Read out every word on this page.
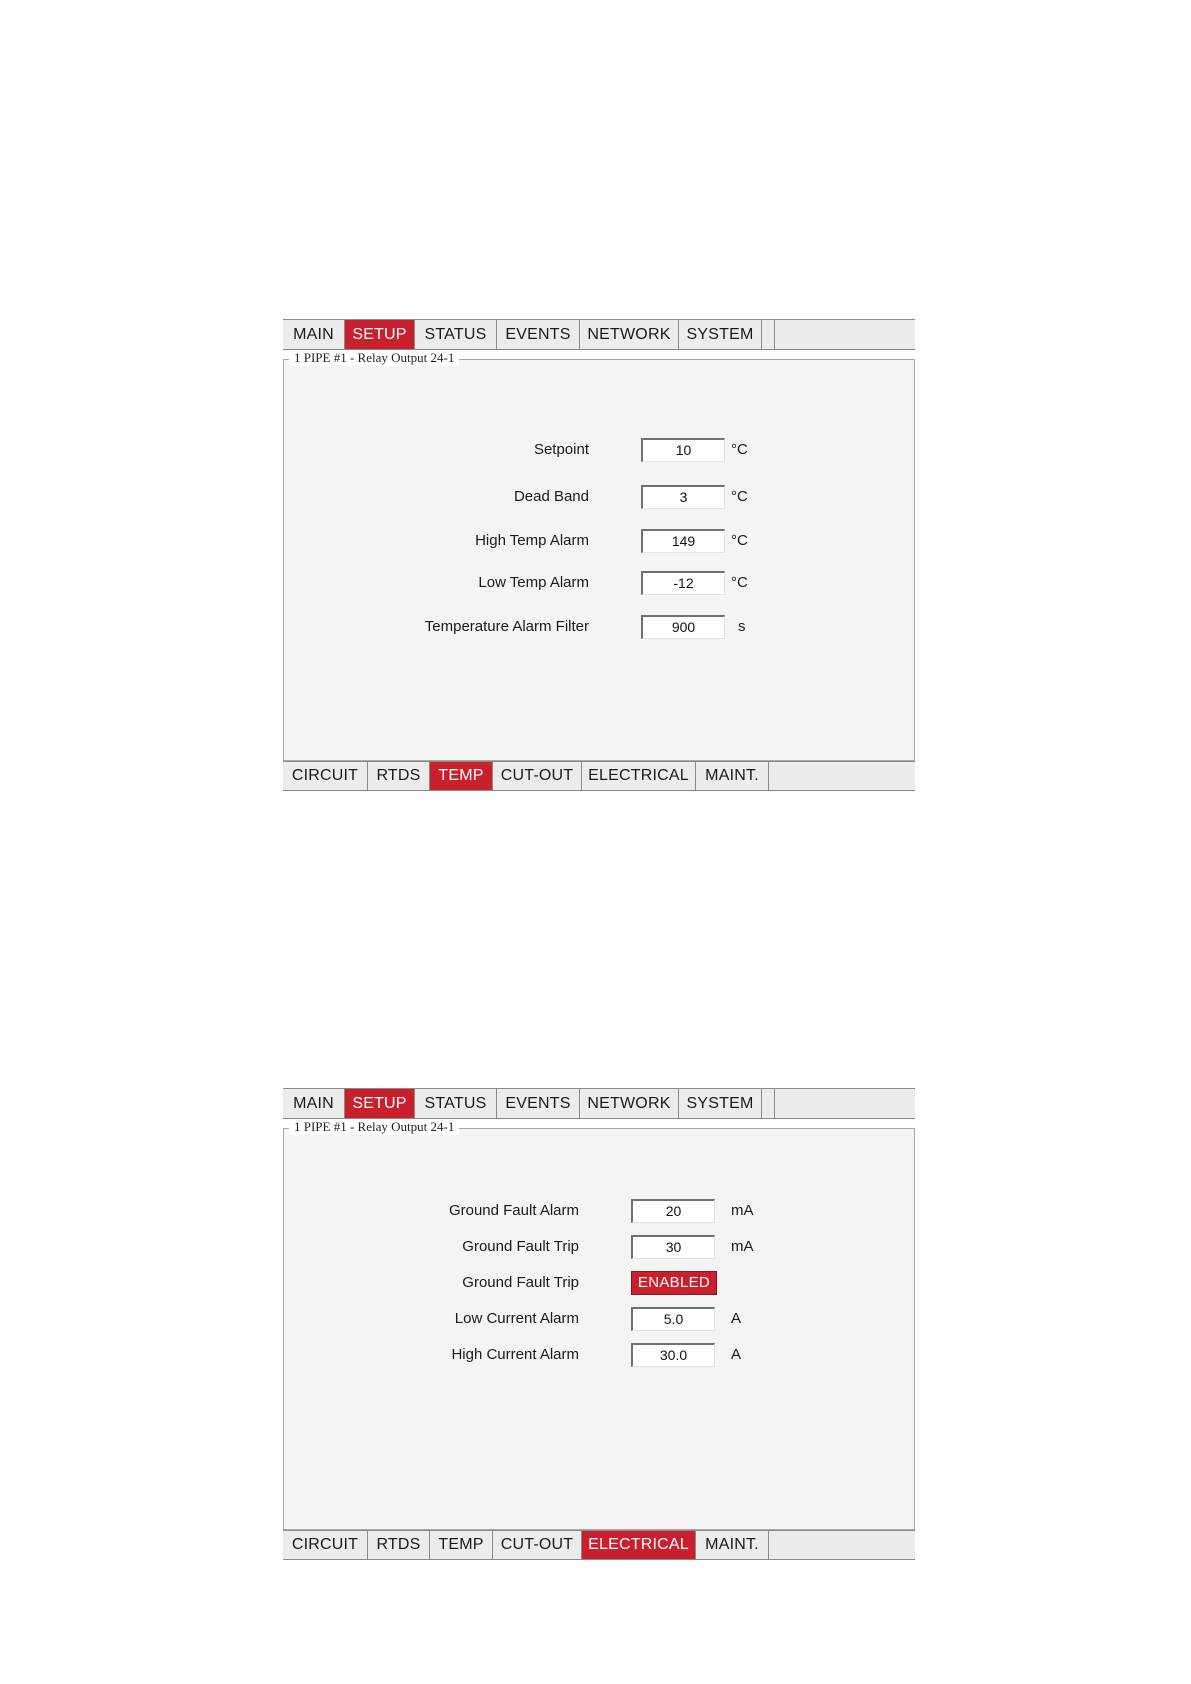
MAIN	SETUP	STATUS	EVENTS	NETWORK SYSTEM
1 PIPE #1 - Relay Output 24-1
Setpoint	10	°C
Dead Band	3	°C
High Temp Alarm	149	°C
Low Temp Alarm	-12	°C
Temperature Alarm Filter	900	s
CIRCUIT	RTDS	TEMP	CUT-OUT ELECTRICAL	MAINT.
MAIN	SETUP	STATUS	EVENTS	NETWORK SYSTEM
1 PIPE #1 - Relay Output 24-1
Ground Fault Alarm	20	mA
Ground Fault Trip	30	mA
Ground Fault Trip	ENABLED
Low Current Alarm	5.0	A
High Current Alarm	30.0	A
CIRCUIT	RTDS	TEMP	CUT-OUT ELECTRICAL	MAINT.
